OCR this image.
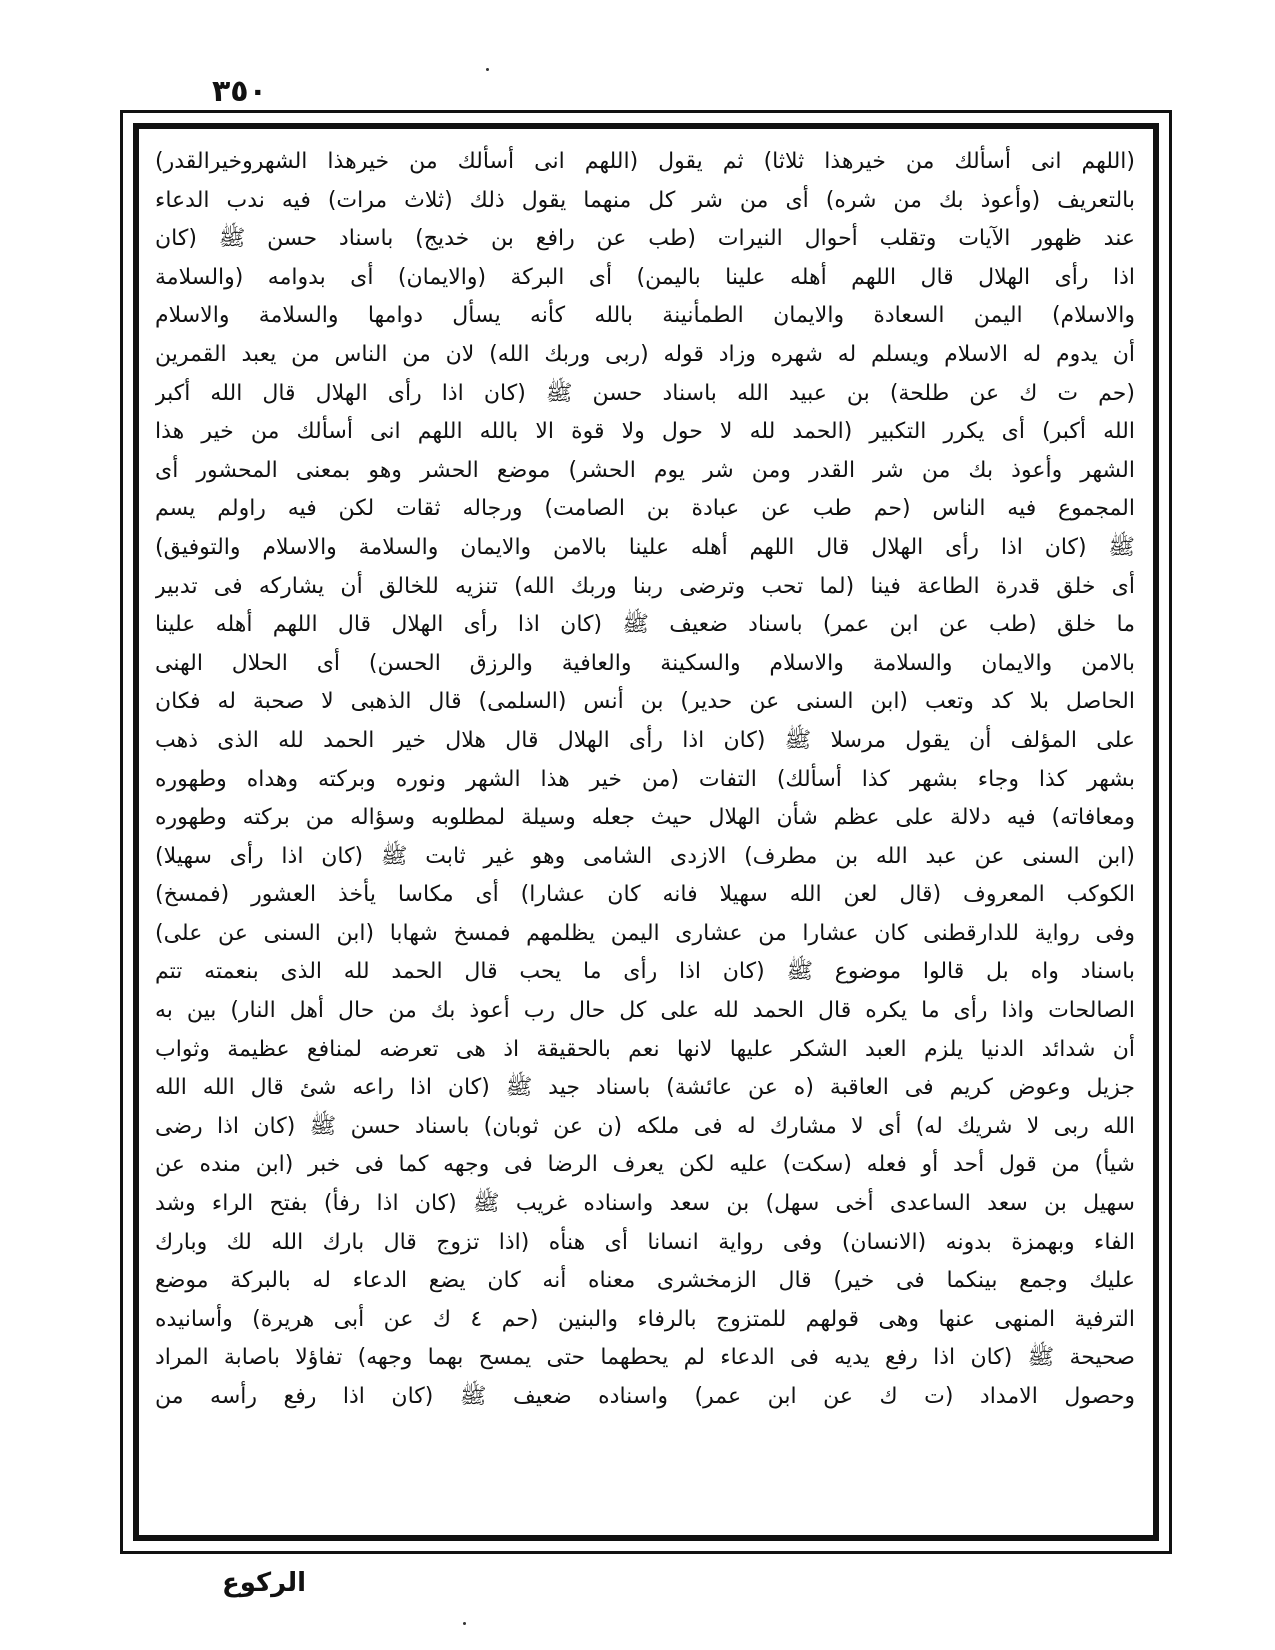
٣٥٠
(اللهم انى أسألك من خيرهذا ثلاثا) ثم يقول (اللهم انى أسألك من خيرهذا الشهروخيرالقدر)
بالتعريف (وأعوذ بك من شره) أى من شر كل منهما يقول ذلك (ثلاث مرات) فيه ندب الدعاء
عند ظهور الآيات وتقلب أحوال النيرات (طب عن رافع بن خديج) باسناد حسن ﷺ (كان
اذا رأى الهلال قال اللهم أهله علينا باليمن) أى البركة (والايمان) أى بدوامه (والسلامة
والاسلام) اليمن السعادة والايمان الطمأنينة بالله كأنه يسأل دوامها والسلامة والاسلام
أن يدوم له الاسلام ويسلم له شهره وزاد قوله (ربى وربك الله) لان من الناس من يعبد القمرين
(حم ت ك عن طلحة) بن عبيد الله باسناد حسن ﷺ (كان اذا رأى الهلال قال الله أكبر
الله أكبر) أى يكرر التكبير (الحمد لله لا حول ولا قوة الا بالله اللهم انى أسألك من خير هذا
الشهر وأعوذ بك من شر القدر ومن شر يوم الحشر) موضع الحشر وهو بمعنى المحشور أى
المجموع فيه الناس (حم طب عن عبادة بن الصامت) ورجاله ثقات لكن فيه راولم يسم
ﷺ (كان اذا رأى الهلال قال اللهم أهله علينا بالامن والايمان والسلامة والاسلام والتوفيق)
أى خلق قدرة الطاعة فينا (لما تحب وترضى ربنا وربك الله) تنزيه للخالق أن يشاركه فى تدبير
ما خلق (طب عن ابن عمر) باسناد ضعيف ﷺ (كان اذا رأى الهلال قال اللهم أهله علينا
بالامن والايمان والسلامة والاسلام والسكينة والعافية والرزق الحسن) أى الحلال الهنى
الحاصل بلا كد وتعب (ابن السنى عن حدير) بن أنس (السلمى) قال الذهبى لا صحبة له فكان
على المؤلف أن يقول مرسلا ﷺ (كان اذا رأى الهلال قال هلال خير الحمد لله الذى ذهب
بشهر كذا وجاء بشهر كذا أسألك) التفات (من خير هذا الشهر ونوره وبركته وهداه وطهوره
ومعافاته) فيه دلالة على عظم شأن الهلال حيث جعله وسيلة لمطلوبه وسؤاله من بركته وطهوره
(ابن السنى عن عبد الله بن مطرف) الازدى الشامى وهو غير ثابت ﷺ (كان اذا رأى سهيلا)
الكوكب المعروف (قال لعن الله سهيلا فانه كان عشارا) أى مكاسا يأخذ العشور (فمسخ)
وفى رواية للدارقطنى كان عشارا من عشارى اليمن يظلمهم فمسخ شهابا (ابن السنى عن على)
باسناد واه بل قالوا موضوع ﷺ (كان اذا رأى ما يحب قال الحمد لله الذى بنعمته تتم
الصالحات واذا رأى ما يكره قال الحمد لله على كل حال رب أعوذ بك من حال أهل النار) بين به
أن شدائد الدنيا يلزم العبد الشكر عليها لانها نعم بالحقيقة اذ هى تعرضه لمنافع عظيمة وثواب
جزيل وعوض كريم فى العاقبة (ه عن عائشة) باسناد جيد ﷺ (كان اذا راعه شئ قال الله الله
الله ربى لا شريك له) أى لا مشارك له فى ملكه (ن عن ثوبان) باسناد حسن ﷺ (كان اذا رضى
شيأ) من قول أحد أو فعله (سكت) عليه لكن يعرف الرضا فى وجهه كما فى خبر (ابن منده عن
سهيل بن سعد الساعدى أخى سهل) بن سعد واسناده غريب ﷺ (كان اذا رفأ) بفتح الراء وشد
الفاء وبهمزة بدونه (الانسان) وفى رواية انسانا أى هنأه (اذا تزوج قال بارك الله لك وبارك
عليك وجمع بينكما فى خير) قال الزمخشرى معناه أنه كان يضع الدعاء له بالبركة موضع
الترفية المنهى عنها وهى قولهم للمتزوج بالرفاء والبنين (حم ٤ ك عن أبى هريرة) وأسانيده
صحيحة ﷺ (كان اذا رفع يديه فى الدعاء لم يحطهما حتى يمسح بهما وجهه) تفاؤلا باصابة المراد
وحصول الامداد (ت ك عن ابن عمر) واسناده ضعيف ﷺ (كان اذا رفع رأسه من
الركوع
